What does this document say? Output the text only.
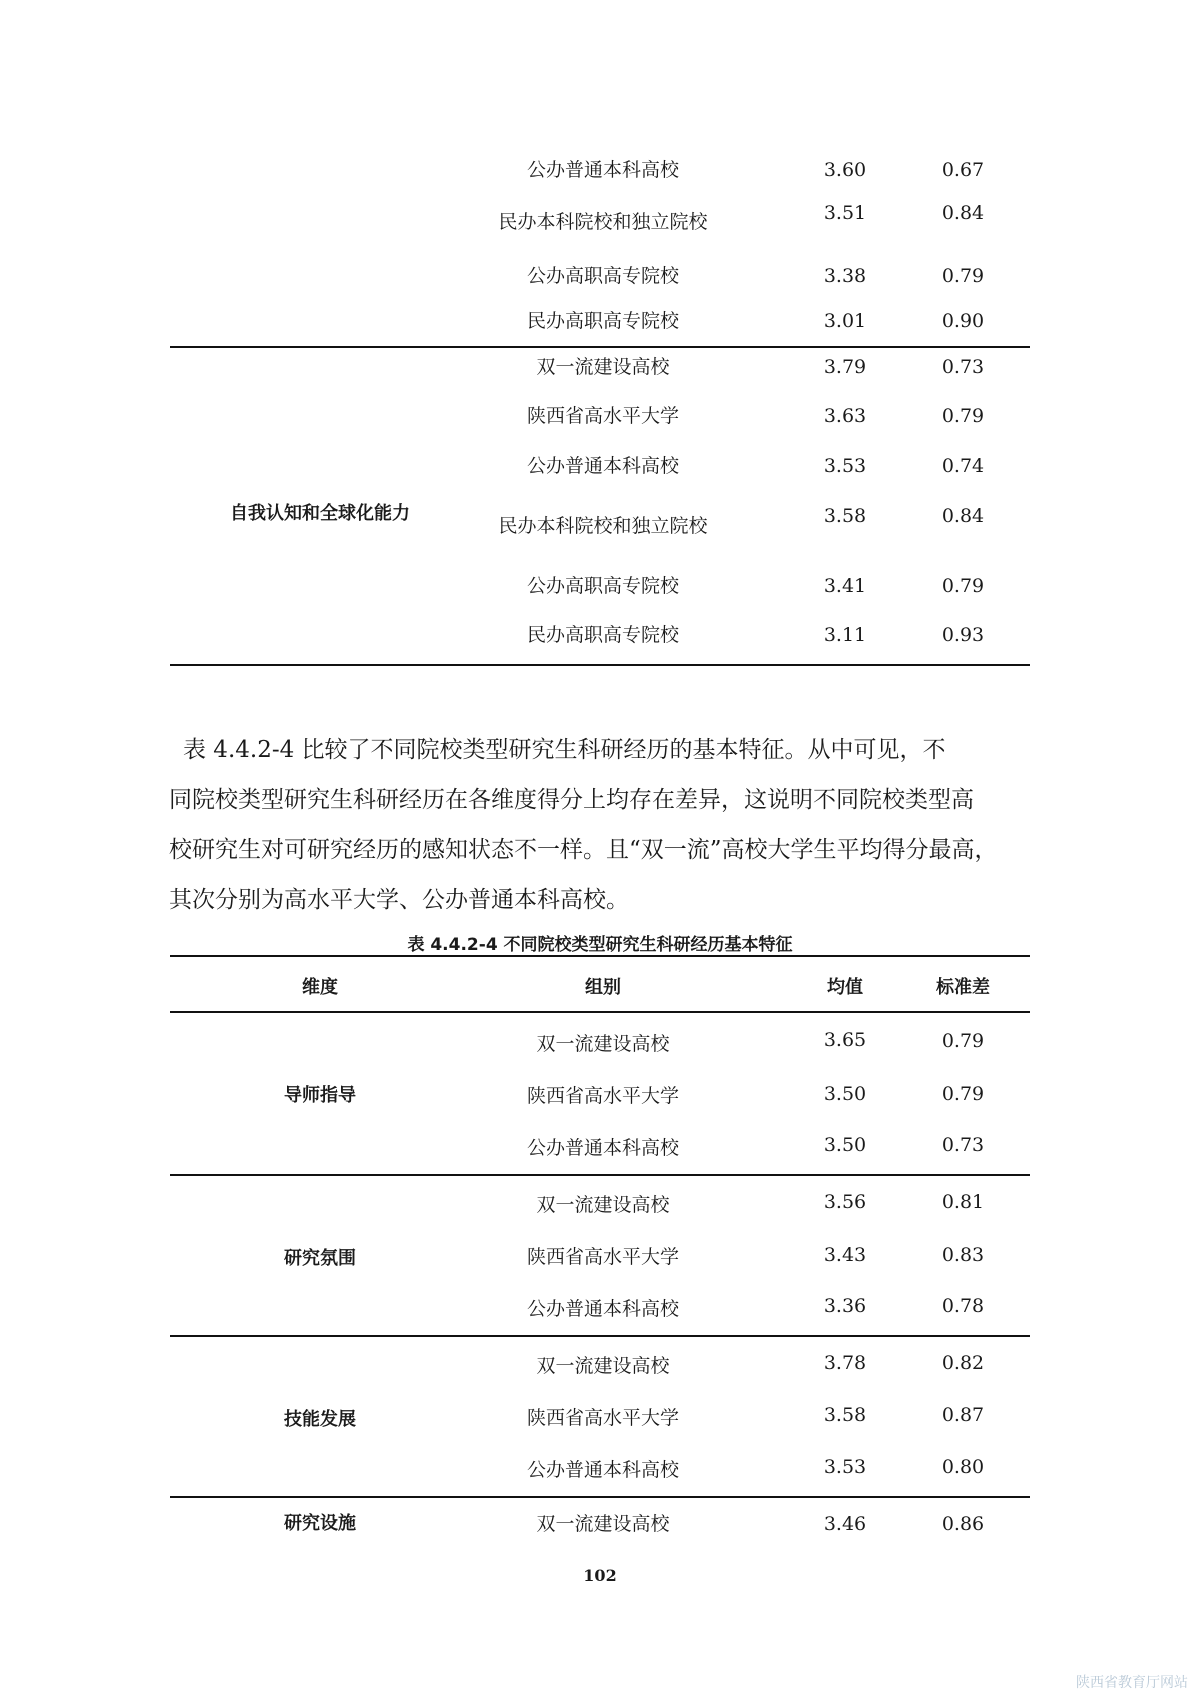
公办普通本科高校	3.60	0.67
民办本科院校和独立院校	3.51	0.84
公办高职高专院校	3.38	0.79
民办高职高专院校	3.01	0.90
自我认知和全球化能力
双一流建设高校	3.79	0.73
陕西省高水平大学	3.63	0.79
公办普通本科高校	3.53	0.74
民办本科院校和独立院校	3.58	0.84
公办高职高专院校	3.41	0.79
民办高职高专院校	3.11	0.93

表 4.4.2-4 比较了不同院校类型研究生科研经历的基本特征。从中可见，不

同院校类型研究生科研经历在各维度得分上均存在差异，这说明不同院校类型高

校研究生对可研究经历的感知状态不一样。且“双一流”高校大学生平均得分最高，

其次分别为高水平大学、公办普通本科高校。

表 4.4.2-4 不同院校类型研究生科研经历基本特征
维度	组别	均值	标准差
导师指导
双一流建设高校	3.65	0.79
陕西省高水平大学	3.50	0.79
公办普通本科高校	3.50	0.73
研究氛围
双一流建设高校	3.56	0.81
陕西省高水平大学	3.43	0.83
公办普通本科高校	3.36	0.78
技能发展
双一流建设高校	3.78	0.82
陕西省高水平大学	3.58	0.87
公办普通本科高校	3.53	0.80
研究设施	双一流建设高校	3.46	0.86
102
陕西省教育厅网站
